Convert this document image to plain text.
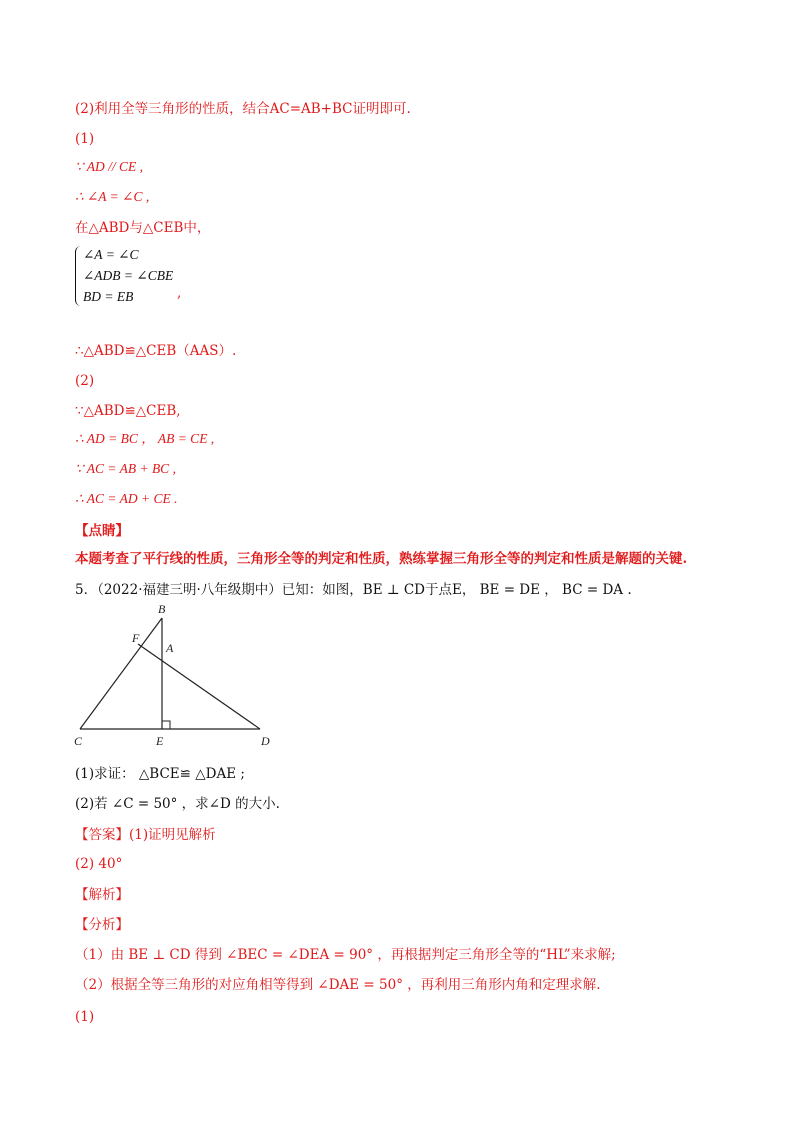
(2)利用全等三角形的性质，结合AC=AB+BC证明即可.
(1)
∵ AD // CE ,
∴ ∠A = ∠C ,
在△ABD与△CEB中，
∠A = ∠C
∠ADB = ∠CBE
BD = EB	,
∴△ABD≌△CEB（AAS）.
(2)
∵△ABD≌△CEB,
∴ AD = BC ， AB = CE ,
∵ AC = AB + BC ,
∴ AC = AD + CE .
【点睛】
本题考查了平行线的性质，三角形全等的判定和性质，熟练掌握三角形全等的判定和性质是解题的关键.
5．（2022·福建三明·八年级期中）已知：如图，BE ⊥ CD于点E， BE = DE ， BC = DA .
B
F
A
C	E	D
(1)求证： △BCE≌ △DAE ;
(2)若 ∠C = 50° ，求∠D 的大小.
【答案】(1)证明见解析
(2) 40°
【解析】
【分析】
（1）由 BE ⊥ CD 得到 ∠BEC = ∠DEA = 90° ，再根据判定三角形全等的“HL”来求解;
（2）根据全等三角形的对应角相等得到 ∠DAE = 50° ，再利用三角形内角和定理求解.
(1)
